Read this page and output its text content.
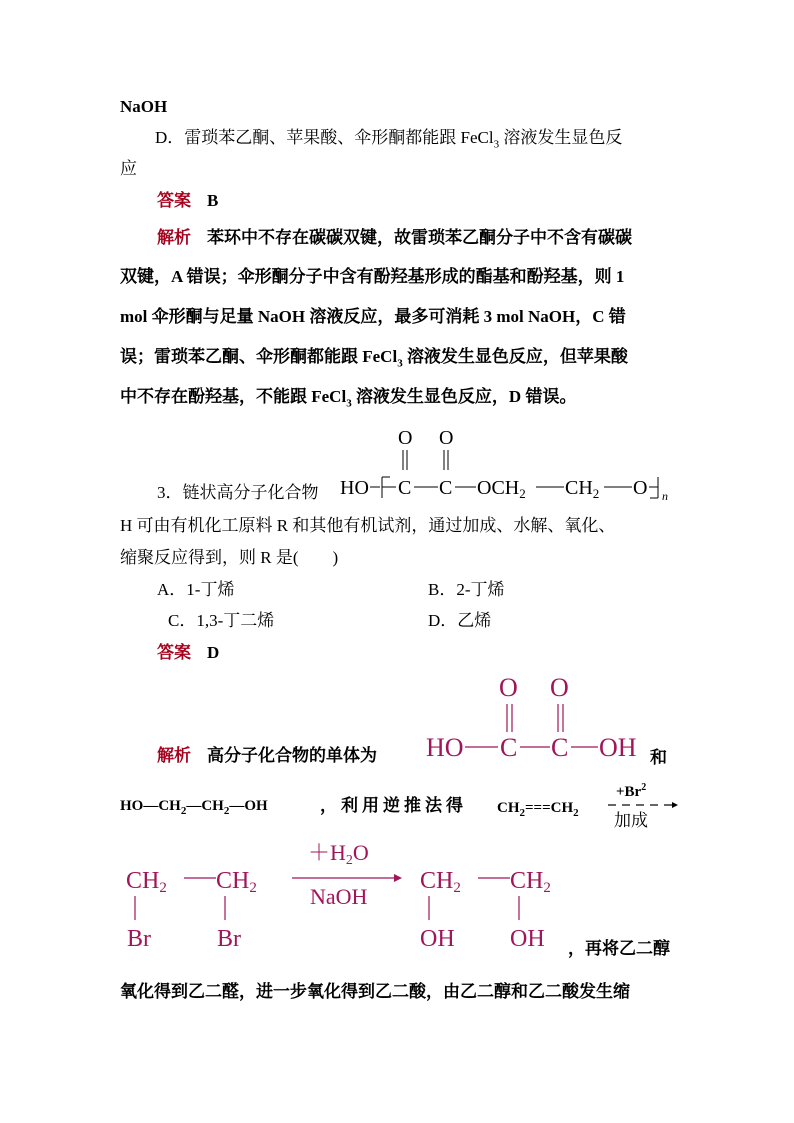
NaOH
D．雷琐苯乙酮、苹果酸、伞形酮都能跟 FeCl$_3$ 溶液发生显色反
应
答案 B
解析 苯环中不存在碳碳双键，故雷琐苯乙酮分子中不含有碳碳
双键，A 错误；伞形酮分子中含有酚羟基形成的酯基和酚羟基，则 1
mol 伞形酮与足量 NaOH 溶液反应，最多可消耗 3 mol NaOH，C 错
误；雷琐苯乙酮、伞形酮都能跟 FeCl$_3$ 溶液发生显色反应，但苹果酸
中不存在酚羟基，不能跟 FeCl$_3$ 溶液发生显色反应，D 错误。
3．链状高分子化合物
O O
HO C C $OCH_2$ $CH_2$ O n
H 可由有机化工原料 R 和其他有机试剂，通过加成、水解、氧化、
缩聚反应得到，则 R 是(　　)
A．1-丁烯	B．2-丁烯
C．1,3-丁二烯	D．乙烯
答案 D
解析 高分子化合物的单体为
O O
HO C C OH 和
$HO—CH_2—CH_2—OH$	，利用逆推法得 $CH_2===CH_2$
$+Br^2$
加成
CH2 CH2
Br	Br
＋H2O
NaOH
CH2 CH2
OH OH ，再将乙二醇
氧化得到乙二醛，进一步氧化得到乙二酸，由乙二醇和乙二酸发生缩
